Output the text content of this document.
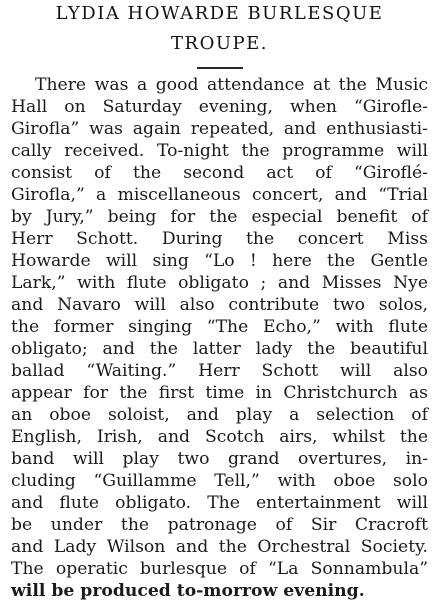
LYDIA HOWARDE BURLESQUE
TROUPE.
There was a good attendance at the Music
Hall on Saturday evening, when “Girofle-
Girofla” was again repeated, and enthusiasti-
cally received. To-night the programme will
consist of the second act of “Giroflé-
Girofla,” a miscellaneous concert, and “Trial
by Jury,” being for the especial benefit of
Herr Schott. During the concert Miss
Howarde will sing “Lo ! here the Gentle
Lark,” with flute obligato ; and Misses Nye
and Navaro will also contribute two solos,
the former singing “The Echo,” with flute
obligato; and the latter lady the beautiful
ballad “Waiting.” Herr Schott will also
appear for the first time in Christchurch as
an oboe soloist, and play a selection of
English, Irish, and Scotch airs, whilst the
band will play two grand overtures, in-
cluding “Guillamme Tell,” with oboe solo
and flute obligato. The entertainment will
be under the patronage of Sir Cracroft
and Lady Wilson and the Orchestral Society.
The operatic burlesque of “La Sonnambula”
will be produced to-morrow evening.
